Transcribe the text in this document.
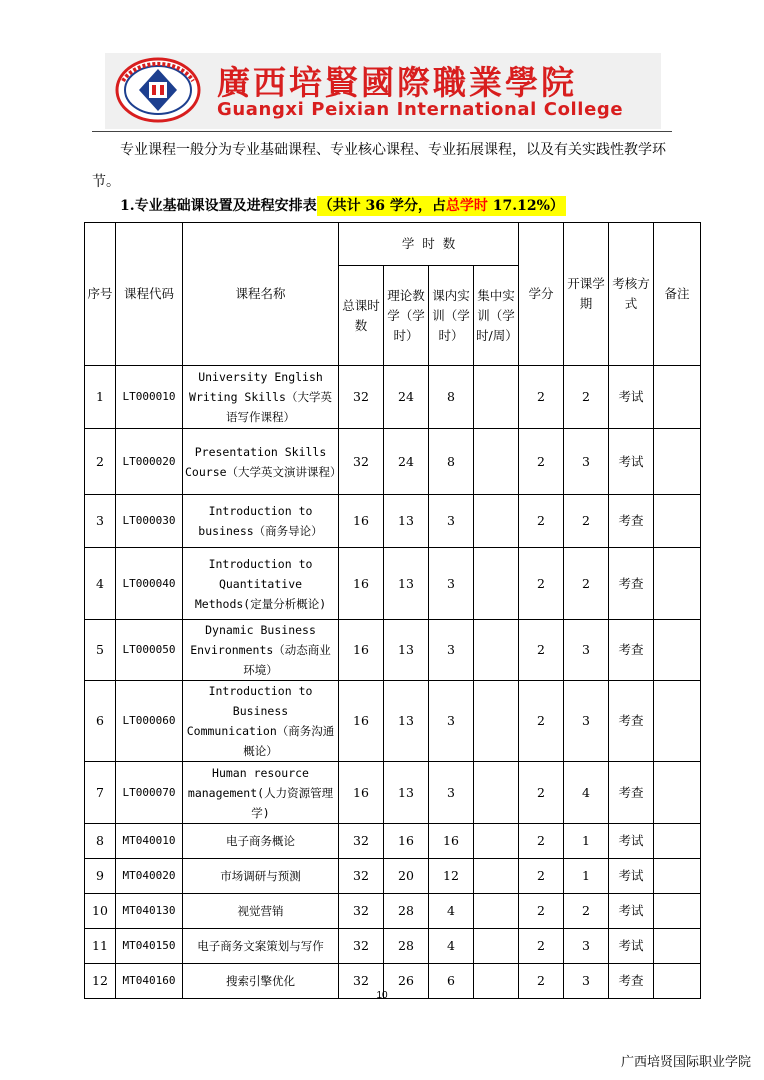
廣西培賢國際職業學院
Guangxi Peixian International College
专业课程一般分为专业基础课程、专业核心课程、专业拓展课程，以及有关实践性教学环节。
1.专业基础课设置及进程安排表 （共计 36 学分，占总学时 17.12%）
序号	课程代码	课程名称	学  时  数				学分	开课学期	考核方式	备注
			总课时数	理论教学（学时）	课内实训（学时）	集中实训（学时/周）				
1	LT000010	University English Writing Skills（大学英语写作课程）	32	24	8		2	2	考试	
2	LT000020	Presentation Skills Course（大学英文演讲课程）	32	24	8		2	3	考试	
3	LT000030	Introduction to business（商务导论）	16	13	3		2	2	考查	
4	LT000040	Introduction to Quantitative Methods(定量分析概论)	16	13	3		2	2	考查	
5	LT000050	Dynamic Business Environments（动态商业环境）	16	13	3		2	3	考查	
6	LT000060	Introduction to Business Communication（商务沟通概论）	16	13	3		2	3	考查	
7	LT000070	Human resource management(人力资源管理学)	16	13	3		2	4	考查	
8	MT040010	电子商务概论	32	16	16		2	1	考试	
9	MT040020	市场调研与预测	32	20	12		2	1	考试	
10	MT040130	视觉营销	32	28	4		2	2	考试	
11	MT040150	电子商务文案策划与写作	32	28	4		2	3	考试	
12	MT040160	搜索引擎优化	32	26	6		2	3	考查	
10
广西培贤国际职业学院
